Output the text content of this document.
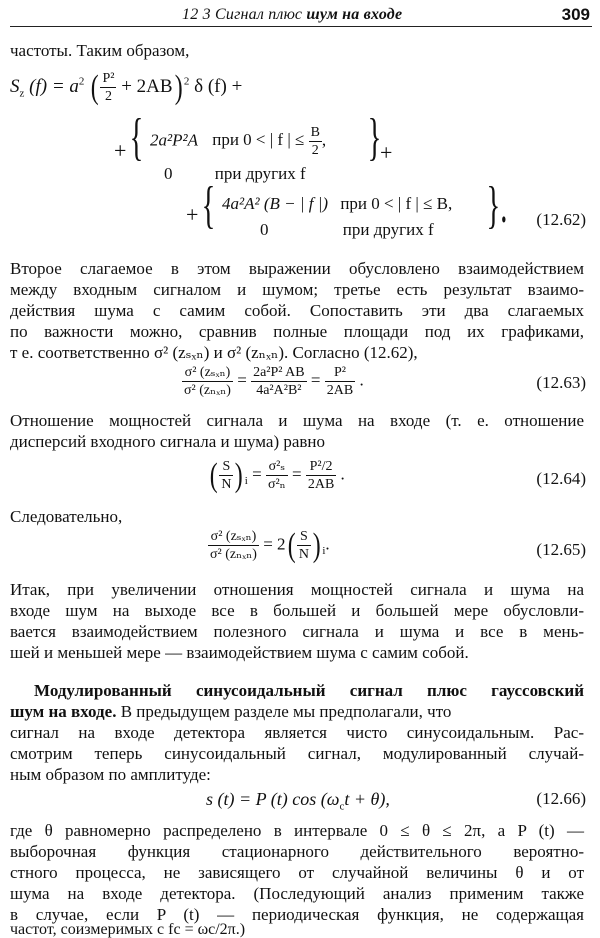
12 3 Сигнал плюс шум на входе	309
частоты. Таким образом,
$S_z$ $(f) = a^2$ ( $\frac{\text{P²}}{2} + 2AB$) $^2$ δ (f) +
+ { 2a²P²A при 0 < | f | ≤ $\frac{B}{2}$ ,
0 при других f
}
+
+ { 4a²A² (B − | f |) при 0 < | f | ≤ B,
0	при других f }. (12.62)
Второе слагаемое в этом выражении обусловлено взаимодействием
между входным сигналом и шумом; третье есть результат взаимо-
действия шума с самим собой. Сопоставить эти два слагаемых
по важности можно, сравнив полные площади под их графиками,
т е. соответственно σ² (zₛₓₙ) и σ² (zₙₓₙ). Согласно (12.62),
$\frac{\text{σ² (zₛₓₙ)}}{\text{σ² (zₙₓₙ)}} = \frac{\text{2a²P² AB}}{\text{4a²A²B²}} = \frac{\text{P²}}{2AB}$ .	(12.63)
Отношение мощностей сигнала и шума на входе (т. е. отношение
дисперсий входного сигнала и шума) равно
( $\frac{S}{N}$ ) $_i = \frac{\text{σ²ₛ}}{\text{σ²ₙ}} = \frac{\text{P²/2}}{2AB}$ .	(12.64)
Следовательно,
$\frac{\text{σ² (zₛₓₙ)}}{\text{σ² (zₙₓₙ)}} = 2( \frac{S}{N}$ ) $_i$.	(12.65)
Итак, при увеличении отношения мощностей сигнала и шума на
входе шум на выходе все в большей и большей мере обусловли-
вается взаимодействием полезного сигнала и шума и все в мень-
шей и меньшей мере — взаимодействием шума с самим собой.
Модулированный синусоидальный сигнал плюс гауссовский
шум на входе. В предыдущем разделе мы предполагали, что
сигнал на входе детектора является чисто синусоидальным. Рас-
смотрим теперь синусоидальный сигнал, модулированный случай-
ным образом по амплитуде:
s (t) = P (t) $\cos (\omega_ct + \theta)$,	(12.66)
где θ равномерно распределено в интервале 0 ≤ θ ≤ 2π, а P (t) —
выборочная функция стационарного действительного вероятно-
стного процесса, не зависящего от случайной величины θ и от
шума на входе детектора. (Последующий анализ применим также
в случае, если P (t) — периодическая функция, не содержащая
частот, соизмеримых с fc = ωc/2π.)
